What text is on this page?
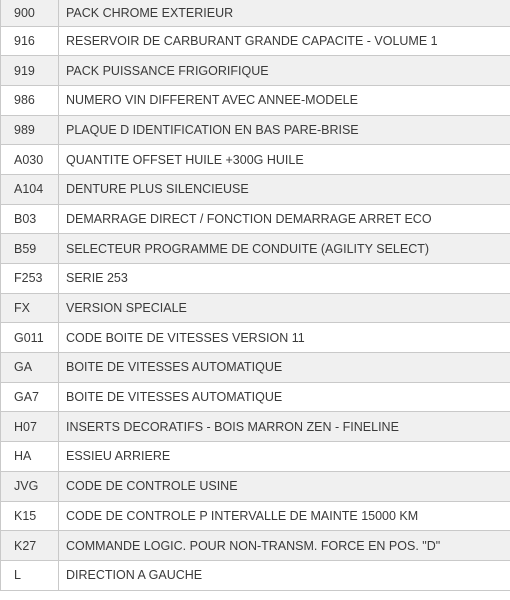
900	PACK CHROME EXTERIEUR
916	RESERVOIR DE CARBURANT GRANDE CAPACITE - VOLUME 1
919	PACK PUISSANCE FRIGORIFIQUE
986	NUMERO VIN DIFFERENT AVEC ANNEE-MODELE
989	PLAQUE D IDENTIFICATION EN BAS PARE-BRISE
A030	QUANTITE OFFSET HUILE +300G HUILE
A104	DENTURE PLUS SILENCIEUSE
B03	DEMARRAGE DIRECT / FONCTION DEMARRAGE ARRET ECO
B59	SELECTEUR PROGRAMME DE CONDUITE (AGILITY SELECT)
F253	SERIE 253
FX	VERSION SPECIALE
G011	CODE BOITE DE VITESSES VERSION 11
GA	BOITE DE VITESSES AUTOMATIQUE
GA7	BOITE DE VITESSES AUTOMATIQUE
H07	INSERTS DECORATIFS - BOIS MARRON ZEN - FINELINE
HA	ESSIEU ARRIERE
JVG	CODE DE CONTROLE USINE
K15	CODE DE CONTROLE P INTERVALLE DE MAINTE 15000 KM
K27	COMMANDE LOGIC. POUR NON-TRANSM. FORCE EN POS. "D"
L	DIRECTION A GAUCHE
